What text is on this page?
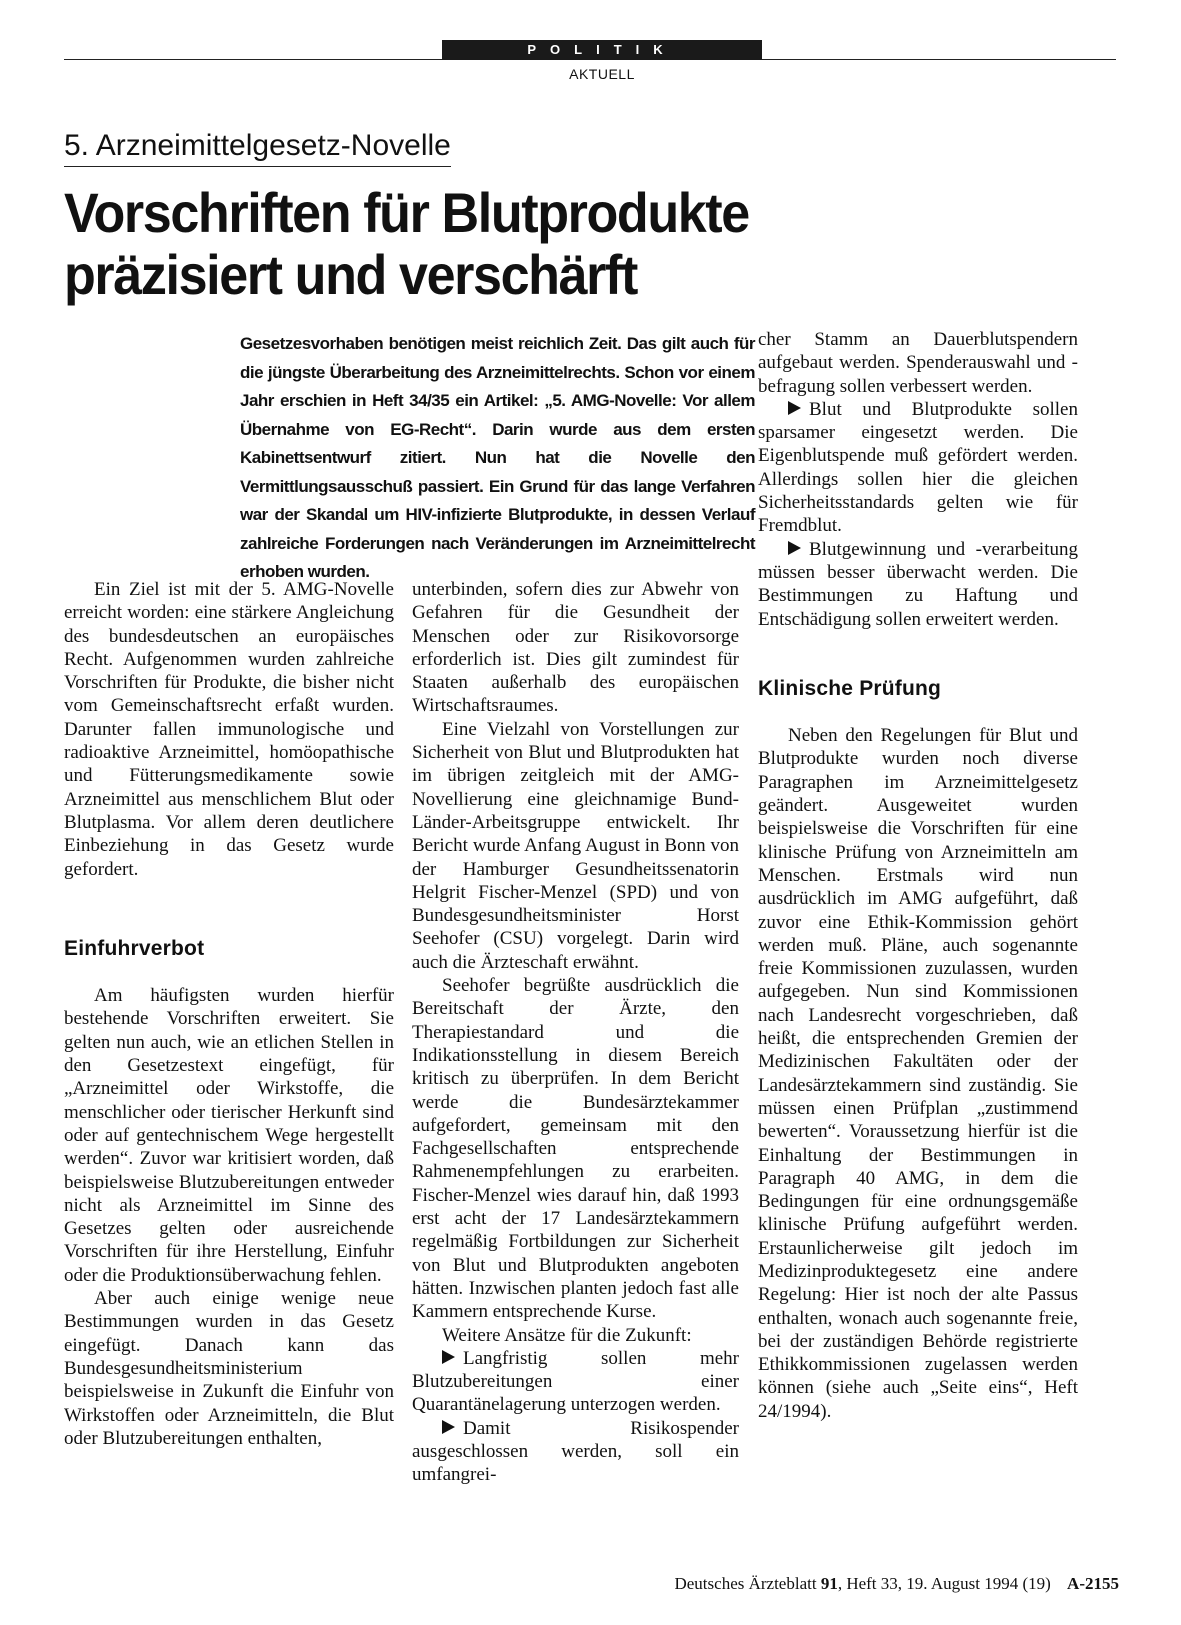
POLITIK
AKTUELL
5. Arzneimittelgesetz-Novelle
Vorschriften für Blutprodukte
präzisiert und verschärft
Gesetzesvorhaben benötigen meist reichlich Zeit. Das gilt auch für die jüngste Überarbeitung des Arzneimittelrechts. Schon vor einem Jahr erschien in Heft 34/35 ein Artikel: „5. AMG-Novelle: Vor allem Übernahme von EG-Recht“. Darin wurde aus dem ersten Kabinettsentwurf zitiert. Nun hat die Novelle den Vermittlungsausschuß passiert. Ein Grund für das lange Verfahren war der Skandal um HIV-infizierte Blutprodukte, in dessen Verlauf zahlreiche Forderungen nach Veränderungen im Arzneimittelrecht erhoben wurden.

Ein Ziel ist mit der 5. AMG-Novelle erreicht worden: eine stärkere Angleichung des bundesdeutschen an europäisches Recht. Aufgenommen wurden zahlreiche Vorschriften für Produkte, die bisher nicht vom Gemeinschaftsrecht erfaßt wurden. Darunter fallen immunologische und radioaktive Arzneimittel, homöopathische und Fütterungsmedikamente sowie Arzneimittel aus menschlichem Blut oder Blutplasma. Vor allem deren deutlichere Einbeziehung in das Gesetz wurde gefordert.

Einfuhrverbot

Am häufigsten wurden hierfür bestehende Vorschriften erweitert. Sie gelten nun auch, wie an etlichen Stellen in den Gesetzestext eingefügt, für „Arzneimittel oder Wirkstoffe, die menschlicher oder tierischer Herkunft sind oder auf gentechnischem Wege hergestellt werden“. Zuvor war kritisiert worden, daß beispielsweise Blutzubereitungen entweder nicht als Arzneimittel im Sinne des Gesetzes gelten oder ausreichende Vorschriften für ihre Herstellung, Einfuhr oder die Produktionsüberwachung fehlen.

Aber auch einige wenige neue Bestimmungen wurden in das Gesetz eingefügt. Danach kann das Bundesgesundheitsministerium beispielsweise in Zukunft die Einfuhr von Wirkstoffen oder Arzneimitteln, die Blut oder Blutzubereitungen enthalten,

unterbinden, sofern dies zur Abwehr von Gefahren für die Gesundheit der Menschen oder zur Risikovorsorge erforderlich ist. Dies gilt zumindest für Staaten außerhalb des europäischen Wirtschaftsraumes.

Eine Vielzahl von Vorstellungen zur Sicherheit von Blut und Blutprodukten hat im übrigen zeitgleich mit der AMG-Novellierung eine gleichnamige Bund-Länder-Arbeitsgruppe entwickelt. Ihr Bericht wurde Anfang August in Bonn von der Hamburger Gesundheitssenatorin Helgrit Fischer-Menzel (SPD) und von Bundesgesundheitsminister Horst Seehofer (CSU) vorgelegt. Darin wird auch die Ärzteschaft erwähnt.

Seehofer begrüßte ausdrücklich die Bereitschaft der Ärzte, den Therapiestandard und die Indikationsstellung in diesem Bereich kritisch zu überprüfen. In dem Bericht werde die Bundesärztekammer aufgefordert, gemeinsam mit den Fachgesellschaften entsprechende Rahmenempfehlungen zu erarbeiten. Fischer-Menzel wies darauf hin, daß 1993 erst acht der 17 Landesärztekammern regelmäßig Fortbildungen zur Sicherheit von Blut und Blutprodukten angeboten hätten. Inzwischen planten jedoch fast alle Kammern entsprechende Kurse.

Weitere Ansätze für die Zukunft:

Langfristig sollen mehr Blutzubereitungen einer Quarantänelagerung unterzogen werden.

Damit Risikospender ausgeschlossen werden, soll ein umfangrei-

cher Stamm an Dauerblutspendern aufgebaut werden. Spenderauswahl und -befragung sollen verbessert werden.

Blut und Blutprodukte sollen sparsamer eingesetzt werden. Die Eigenblutspende muß gefördert werden. Allerdings sollen hier die gleichen Sicherheitsstandards gelten wie für Fremdblut.

Blutgewinnung und -verarbeitung müssen besser überwacht werden. Die Bestimmungen zu Haftung und Entschädigung sollen erweitert werden.

Klinische Prüfung

Neben den Regelungen für Blut und Blutprodukte wurden noch diverse Paragraphen im Arzneimittelgesetz geändert. Ausgeweitet wurden beispielsweise die Vorschriften für eine klinische Prüfung von Arzneimitteln am Menschen. Erstmals wird nun ausdrücklich im AMG aufgeführt, daß zuvor eine Ethik-Kommission gehört werden muß. Pläne, auch sogenannte freie Kommissionen zuzulassen, wurden aufgegeben. Nun sind Kommissionen nach Landesrecht vorgeschrieben, daß heißt, die entsprechenden Gremien der Medizinischen Fakultäten oder der Landesärztekammern sind zuständig. Sie müssen einen Prüfplan „zustimmend bewerten“. Voraussetzung hierfür ist die Einhaltung der Bestimmungen in Paragraph 40 AMG, in dem die Bedingungen für eine ordnungsgemäße klinische Prüfung aufgeführt werden. Erstaunlicherweise gilt jedoch im Medizinproduktegesetz eine andere Regelung: Hier ist noch der alte Passus enthalten, wonach auch sogenannte freie, bei der zuständigen Behörde registrierte Ethikkommissionen zugelassen werden können (siehe auch „Seite eins“, Heft 24/1994).

Deutsches Ärzteblatt 91, Heft 33, 19. August 1994 (19) A-2155
